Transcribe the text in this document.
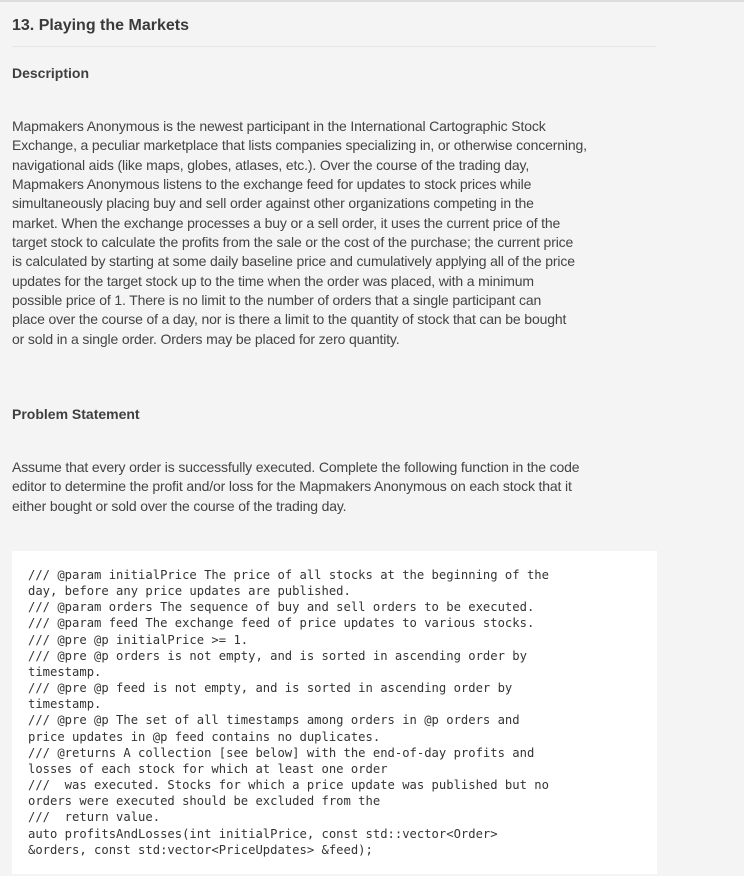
13. Playing the Markets
Description
Mapmakers Anonymous is the newest participant in the International Cartographic Stock
Exchange, a peculiar marketplace that lists companies specializing in, or otherwise concerning,
navigational aids (like maps, globes, atlases, etc.). Over the course of the trading day,
Mapmakers Anonymous listens to the exchange feed for updates to stock prices while
simultaneously placing buy and sell order against other organizations competing in the
market. When the exchange processes a buy or a sell order, it uses the current price of the
target stock to calculate the profits from the sale or the cost of the purchase; the current price
is calculated by starting at some daily baseline price and cumulatively applying all of the price
updates for the target stock up to the time when the order was placed, with a minimum
possible price of 1. There is no limit to the number of orders that a single participant can
place over the course of a day, nor is there a limit to the quantity of stock that can be bought
or sold in a single order. Orders may be placed for zero quantity.
Problem Statement
Assume that every order is successfully executed. Complete the following function in the code
editor to determine the profit and/or loss for the Mapmakers Anonymous on each stock that it
either bought or sold over the course of the trading day.
/// @param initialPrice The price of all stocks at the beginning of the
day, before any price updates are published.
/// @param orders The sequence of buy and sell orders to be executed.
/// @param feed The exchange feed of price updates to various stocks.
/// @pre @p initialPrice >= 1.
/// @pre @p orders is not empty, and is sorted in ascending order by
timestamp.
/// @pre @p feed is not empty, and is sorted in ascending order by
timestamp.
/// @pre @p The set of all timestamps among orders in @p orders and
price updates in @p feed contains no duplicates.
/// @returns A collection [see below] with the end-of-day profits and
losses of each stock for which at least one order
///  was executed. Stocks for which a price update was published but no
orders were executed should be excluded from the
///  return value.
auto profitsAndLosses(int initialPrice, const std::vector<Order>
&orders, const std:vector<PriceUpdates> &feed);
